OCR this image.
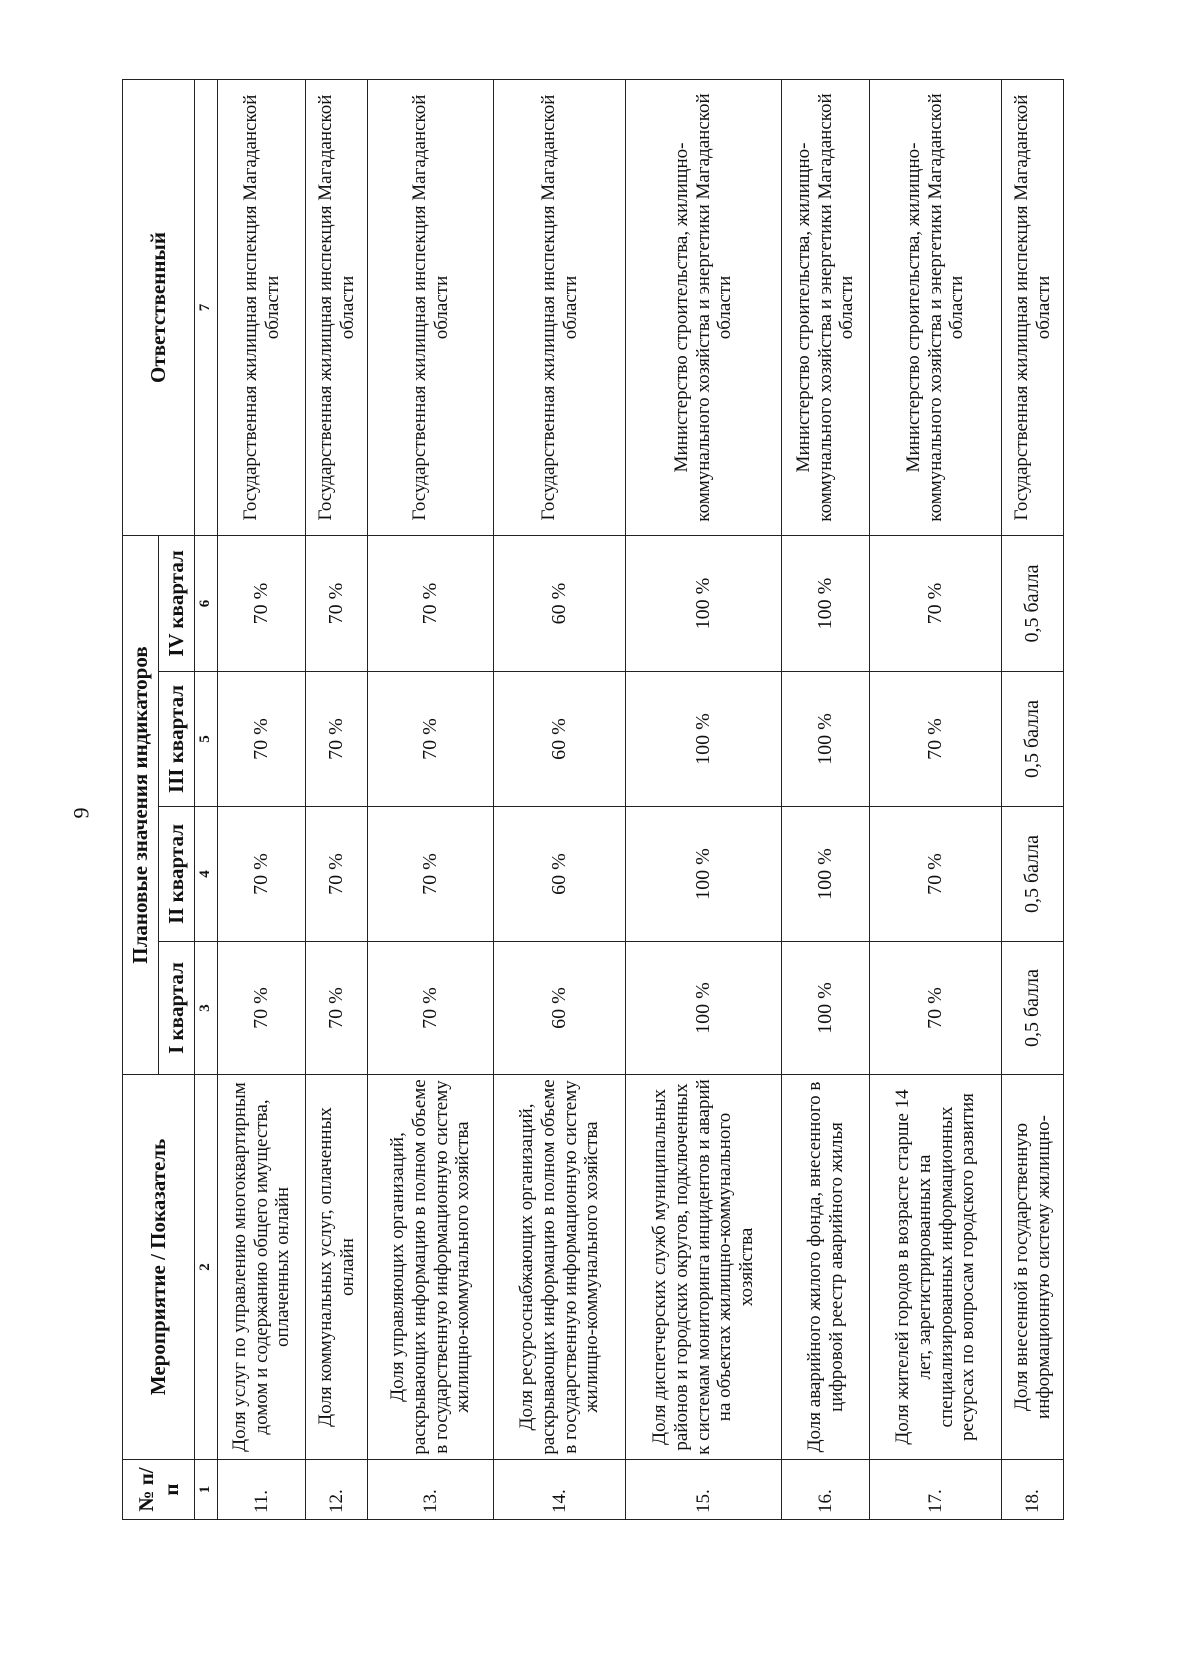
9
№ п/п	Мероприятие / Показатель	Плановые значения индикаторов				Ответственный
		I квартал	II квартал	III квартал	IV квартал	
1	2	3	4	5	6	7
11.	Доля услуг по управлению многоквартирным домом и содержанию общего имущества, оплаченных онлайн	70 %	70 %	70 %	70 %	Государственная жилищная инспекция Магаданской области
12.	Доля коммунальных услуг, оплаченных онлайн	70 %	70 %	70 %	70 %	Государственная жилищная инспекция Магаданской области
13.	Доля управляющих организаций, раскрывающих информацию в полном объеме в государственную информационную систему жилищно-коммунального хозяйства	70 %	70 %	70 %	70 %	Государственная жилищная инспекция Магаданской области
14.	Доля ресурсоснабжающих организаций, раскрывающих информацию в полном объеме в государственную информационную систему жилищно-коммунального хозяйства	60 %	60 %	60 %	60 %	Государственная жилищная инспекция Магаданской области
15.	Доля диспетчерских служб муниципальных районов и городских округов, подключенных к системам мониторинга инцидентов и аварий на объектах жилищно-коммунального хозяйства	100 %	100 %	100 %	100 %	Министерство строительства, жилищно-коммунального хозяйства и энергетики Магаданской области
16.	Доля аварийного жилого фонда, внесенного в цифровой реестр аварийного жилья	100 %	100 %	100 %	100 %	Министерство строительства, жилищно-коммунального хозяйства и энергетики Магаданской области
17.	Доля жителей городов в возрасте старше 14 лет, зарегистрированных на специализированных информационных ресурсах по вопросам городского развития	70 %	70 %	70 %	70 %	Министерство строительства, жилищно-коммунального хозяйства и энергетики Магаданской области
18.	Доля внесенной в государственную информационную систему жилищно-	0,5 балла	0,5 балла	0,5 балла	0,5 балла	Государственная жилищная инспекция Магаданской области
